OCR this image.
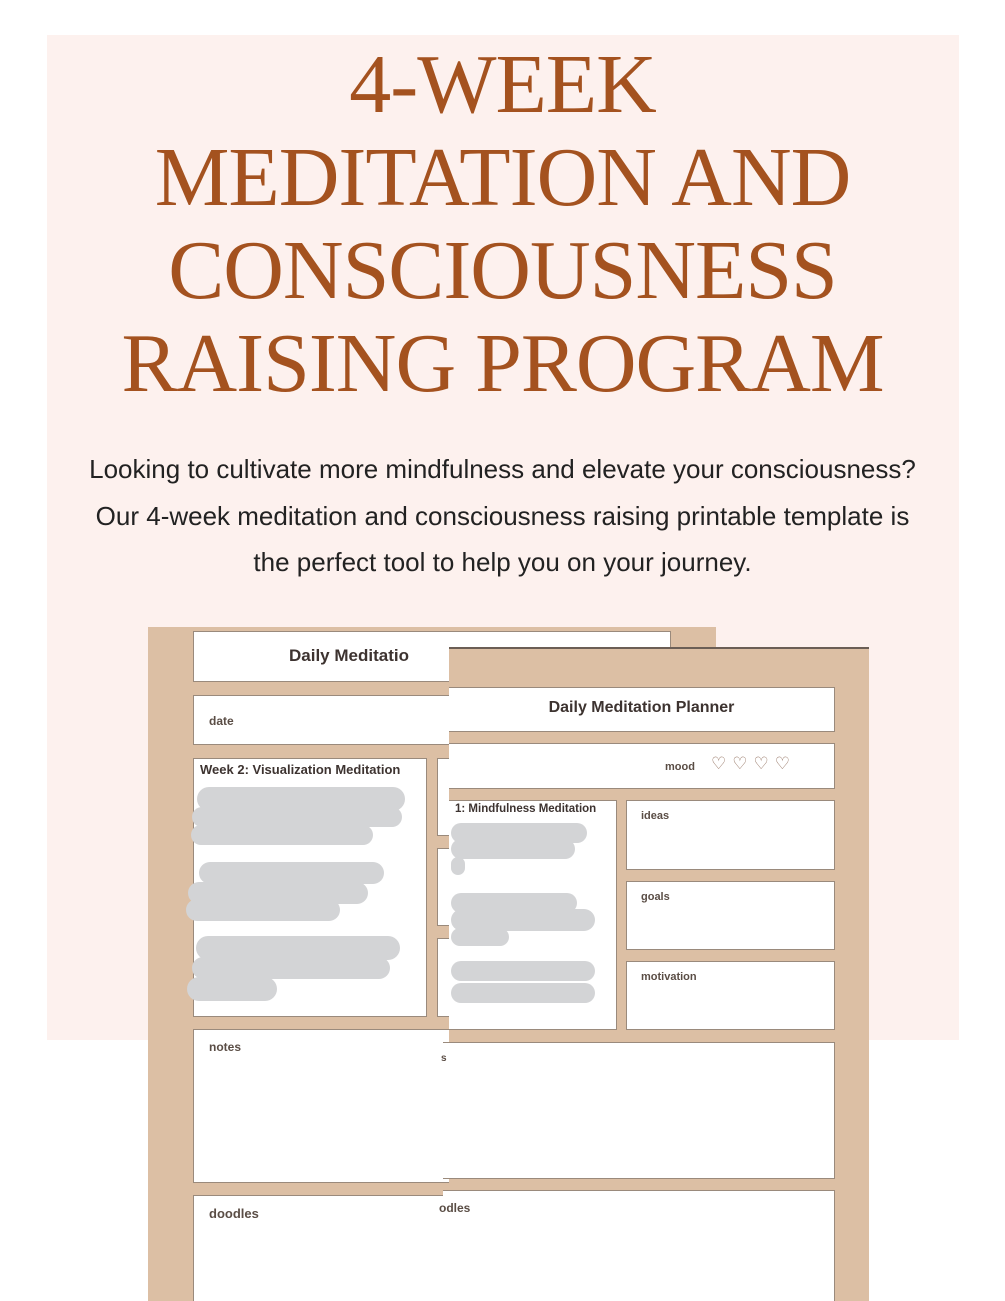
4-WEEK
MEDITATION AND
CONSCIOUSNESS
RAISING PROGRAM
Looking to cultivate more mindfulness and elevate your consciousness?
Our 4-week meditation and consciousness raising printable template is
the perfect tool to help you on your journey.
Daily Meditatio
date
Week 2: Visualization Meditation
notes
doodles
Daily Meditation Planner
mood ♡ ♡ ♡ ♡
1: Mindfulness Meditation
ideas
goals
motivation
s
odles
